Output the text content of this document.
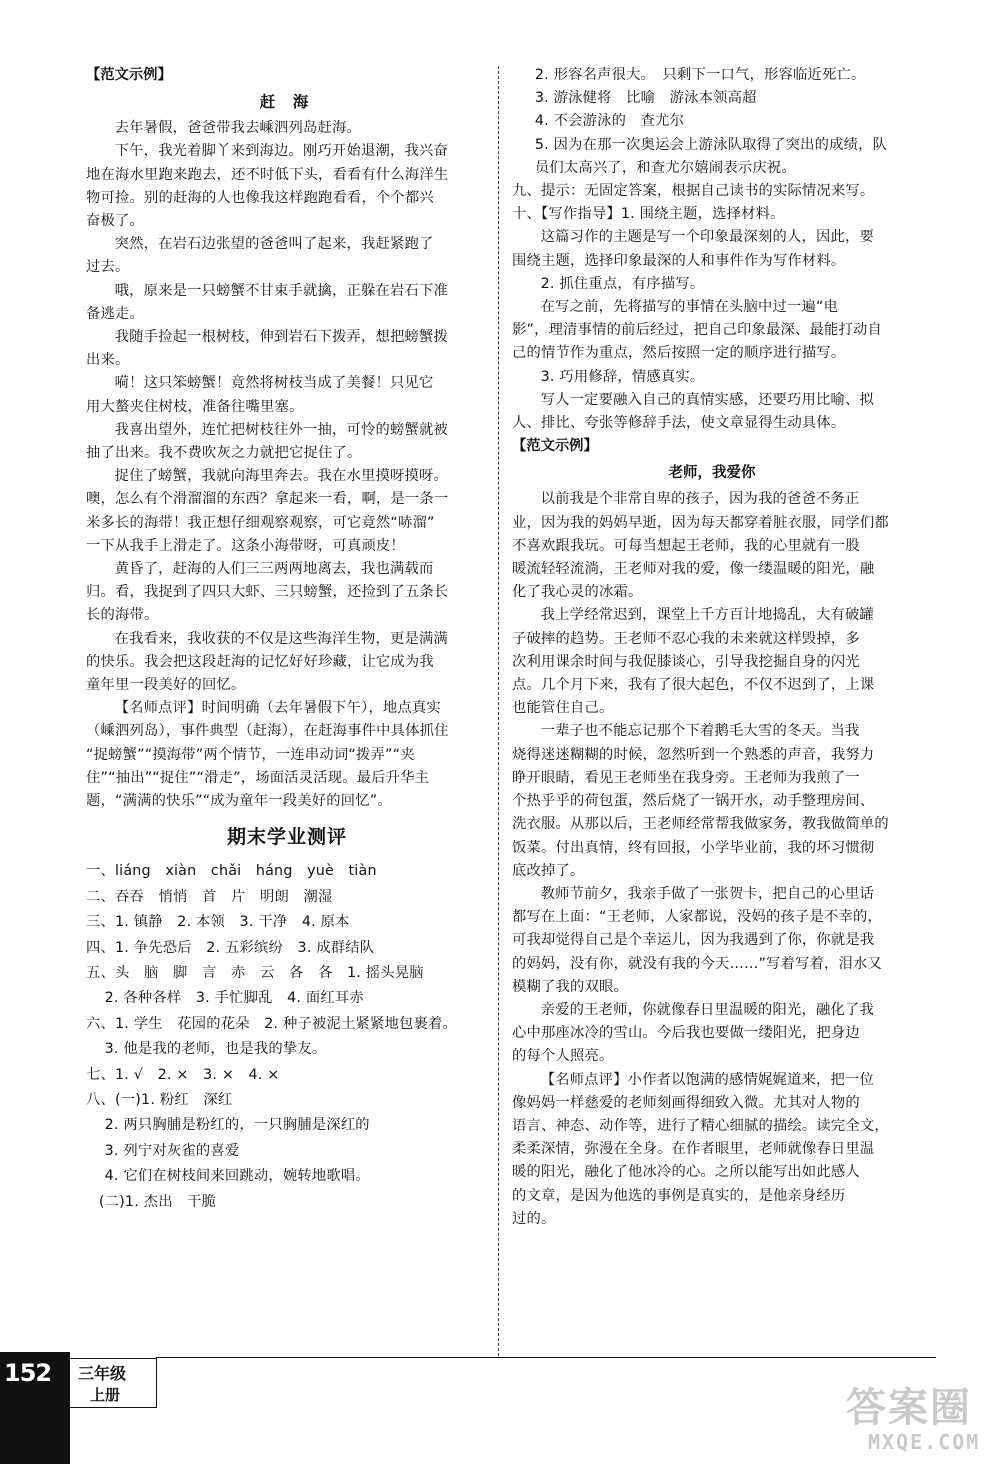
【范文示例】
赶 海

去年暑假，爸爸带我去嵊泗列岛赶海。

下午，我光着脚丫来到海边。刚巧开始退潮，我兴奋

地在海水里跑来跑去，还不时低下头，看看有什么海洋生

物可捡。别的赶海的人也像我这样跑跑看看，个个都兴

奋极了。

突然，在岩石边张望的爸爸叫了起来，我赶紧跑了

过去。

哦，原来是一只螃蟹不甘束手就擒，正躲在岩石下准

备逃走。

我随手捡起一根树枝，伸到岩石下拨弄，想把螃蟹拨

出来。

嗬！这只笨螃蟹！竟然将树枝当成了美餐！只见它

用大螯夹住树枝，准备往嘴里塞。

我喜出望外，连忙把树枝往外一抽，可怜的螃蟹就被

抽了出来。我不费吹灰之力就把它捉住了。

捉住了螃蟹，我就向海里奔去。我在水里摸呀摸呀。

噢，怎么有个滑溜溜的东西？拿起来一看，啊，是一条一

米多长的海带！我正想仔细观察观察，可它竟然“哧溜”

一下从我手上滑走了。这条小海带呀，可真顽皮！

黄昏了，赶海的人们三三两两地离去，我也满载而

归。看，我捉到了四只大虾、三只螃蟹，还捡到了五条长

长的海带。

在我看来，我收获的不仅是这些海洋生物，更是满满

的快乐。我会把这段赶海的记忆好好珍藏，让它成为我

童年里一段美好的回忆。

【名师点评】时间明确（去年暑假下午），地点真实

（嵊泗列岛），事件典型（赶海），在赶海事件中具体抓住

“捉螃蟹”“摸海带”两个情节，一连串动词“拨弄”“夹

住”“抽出”“捉住”“滑走”，场面活灵活现。最后升华主

题，“满满的快乐”“成为童年一段美好的回忆”。

期末学业测评

一、liáng　xiàn　chǎi　háng　yuè　tiàn

二、吞吞　悄悄　首　片　明朗　潮湿

三、1. 镇静　2. 本领　3. 干净　4. 原本

四、1. 争先恐后　2. 五彩缤纷　3. 成群结队

五、头　脑　脚　言　赤　云　各　各　1. 摇头晃脑

2. 各种各样　3. 手忙脚乱　4. 面红耳赤

六、1. 学生　花园的花朵　2. 种子被泥土紧紧地包裹着。

3. 他是我的老师，也是我的挚友。

七、1. √　2. ×　3. ×　4. ×

八、(一)1. 粉红　深红

2. 两只胸脯是粉红的，一只胸脯是深红的

3. 列宁对灰雀的喜爱

4. 它们在树枝间来回跳动，婉转地歌唱。

(二)1. 杰出　干脆

2. 形容名声很大。　只剩下一口气，形容临近死亡。

3. 游泳健将　比喻　游泳本领高超

4. 不会游泳的　查尤尔

5. 因为在那一次奥运会上游泳队取得了突出的成绩，队

员们太高兴了，和查尤尔嬉闹表示庆祝。

九、提示：无固定答案，根据自己读书的实际情况来写。

十、【写作指导】1. 围绕主题，选择材料。

这篇习作的主题是写一个印象最深刻的人，因此，要

围绕主题，选择印象最深的人和事件作为写作材料。

2. 抓住重点，有序描写。

在写之前，先将描写的事情在头脑中过一遍“电

影”，理清事情的前后经过，把自己印象最深、最能打动自

己的情节作为重点，然后按照一定的顺序进行描写。

3. 巧用修辞，情感真实。

写人一定要融入自己的真情实感，还要巧用比喻、拟

人、排比、夸张等修辞手法，使文章显得生动具体。

【范文示例】
老师，我爱你

以前我是个非常自卑的孩子，因为我的爸爸不务正

业，因为我的妈妈早逝，因为每天都穿着脏衣服，同学们都

不喜欢跟我玩。可每当想起王老师，我的心里就有一股

暖流轻轻流淌，王老师对我的爱，像一缕温暖的阳光，融

化了我心灵的冰霜。

我上学经常迟到，课堂上千方百计地捣乱，大有破罐

子破摔的趋势。王老师不忍心我的未来就这样毁掉，多

次利用课余时间与我促膝谈心，引导我挖掘自身的闪光

点。几个月下来，我有了很大起色，不仅不迟到了，上课

也能管住自己。

一辈子也不能忘记那个下着鹅毛大雪的冬天。当我

烧得迷迷糊糊的时候，忽然听到一个熟悉的声音，我努力

睁开眼睛，看见王老师坐在我身旁。王老师为我煎了一

个热乎乎的荷包蛋，然后烧了一锅开水，动手整理房间、

洗衣服。从那以后，王老师经常帮我做家务，教我做简单的

饭菜。付出真情，终有回报，小学毕业前，我的坏习惯彻

底改掉了。

教师节前夕，我亲手做了一张贺卡，把自己的心里话

都写在上面：“王老师，人家都说，没妈的孩子是不幸的，

可我却觉得自己是个幸运儿，因为我遇到了你，你就是我

的妈妈，没有你，就没有我的今天……”写着写着，泪水又

模糊了我的双眼。

亲爱的王老师，你就像春日里温暖的阳光，融化了我

心中那座冰冷的雪山。今后我也要做一缕阳光，把身边

的每个人照亮。

【名师点评】小作者以饱满的感情娓娓道来，把一位

像妈妈一样慈爱的老师刻画得细致入微。尤其对人物的

语言、神态、动作等，进行了精心细腻的描绘。读完全文，

柔柔深情，弥漫在全身。在作者眼里，老师就像春日里温

暖的阳光，融化了他冰冷的心。之所以能写出如此感人

的文章，是因为他选的事例是真实的，是他亲身经历

过的。

152 三年级
上册	答案圈
MXQE.COM
